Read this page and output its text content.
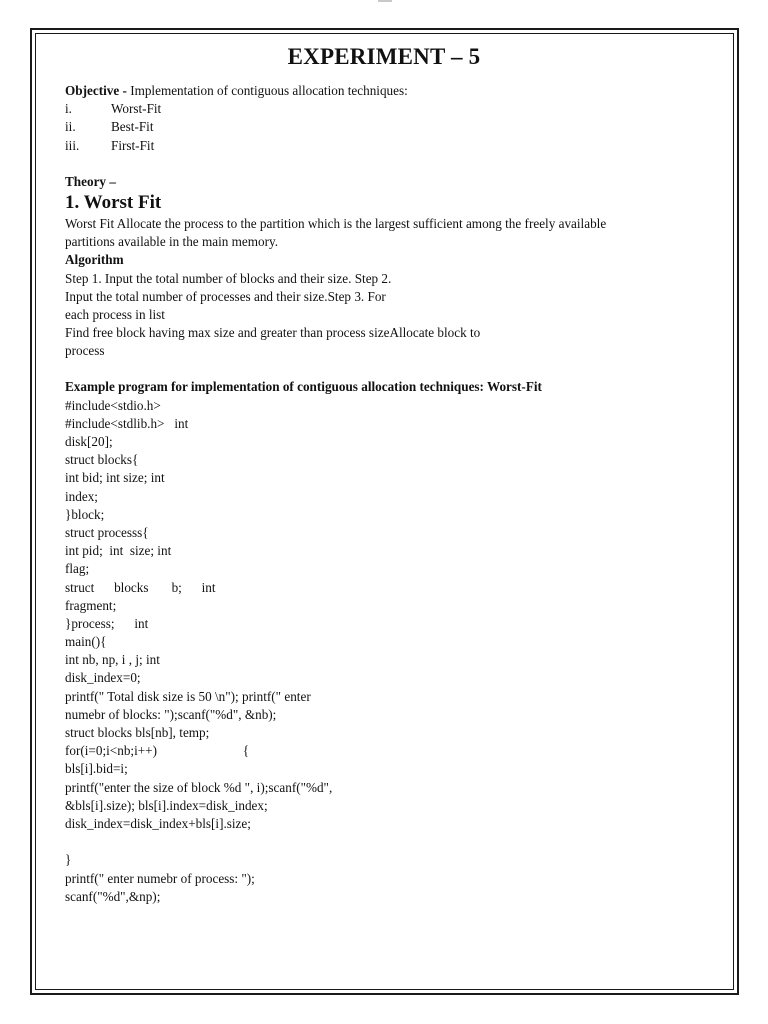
EXPERIMENT – 5
Objective - Implementation of contiguous allocation techniques:
i.	Worst-Fit
ii.	Best-Fit
iii.	First-Fit
Theory –
1. Worst Fit
Worst Fit Allocate the process to the partition which is the largest sufficient among the freely available
partitions available in the main memory.
Algorithm
Step 1. Input the total number of blocks and their size. Step 2.
Input the total number of processes and their size.Step 3. For
each process in list
Find free block having max size and greater than process sizeAllocate block to
process
Example program for implementation of contiguous allocation techniques: Worst-Fit
#include<stdio.h>
#include<stdlib.h>   int
disk[20];
struct blocks{
int bid; int size; int
index;
}block;
struct processs{
int pid;  int  size; int
flag;
struct      blocks       b;      int
fragment;
}process;      int
main(){
int nb, np, i , j; int
disk_index=0;
printf(" Total disk size is 50 \n"); printf(" enter
numebr of blocks: ");scanf("%d", &nb);
struct blocks bls[nb], temp;
for(i=0;i<nb;i++)                          {
bls[i].bid=i;
printf("enter the size of block %d ", i);scanf("%d",
&bls[i].size); bls[i].index=disk_index;
disk_index=disk_index+bls[i].size;
}
printf(" enter numebr of process: ");
scanf("%d",&np);
